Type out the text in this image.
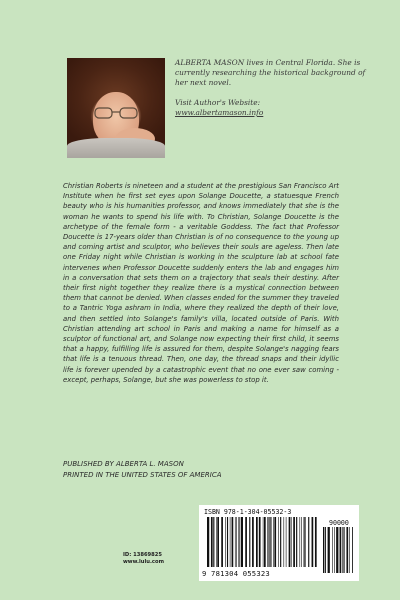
ALBERTA MASON lives in Central Florida. She is currently researching the historical background of her next novel.

Visit Author's Website:

www.albertamason.info

Christian Roberts is nineteen and a student at the prestigious San Francisco Art Institute when he first set eyes upon Solange Doucette, a statuesque French beauty who is his humanities professor, and knows immediately that she is the woman he wants to spend his life with. To Christian, Solange Doucette is the archetype of the female form - a veritable Goddess. The fact that Professor Doucette is 17-years older than Christian is of no consequence to the young up and coming artist and sculptor, who believes their souls are ageless. Then late one Friday night while Christian is working in the sculpture lab at school fate intervenes when Professor Doucette suddenly enters the lab and engages him in a conversation that sets them on a trajectory that seals their destiny. After their first night together they realize there is a mystical connection between them that cannot be denied. When classes ended for the summer they traveled to a Tantric Yoga ashram in India, where they realized the depth of their love, and then settled into Solange's family's villa, located outside of Paris. With Christian attending art school in Paris and making a name for himself as a sculptor of functional art, and Solange now expecting their first child, it seems that a happy, fulfilling life is assured for them, despite Solange's nagging fears that life is a tenuous thread. Then, one day, the thread snaps and their idyllic life is forever upended by a catastrophic event that no one ever saw coming - except, perhaps, Solange, but she was powerless to stop it.

PUBLISHED BY ALBERTA L. MASON
PRINTED IN THE UNITED STATES OF AMERICA
ID: 13869825
www.lulu.com
ISBN 978-1-304-05532-3
90000
9 781304 055323
